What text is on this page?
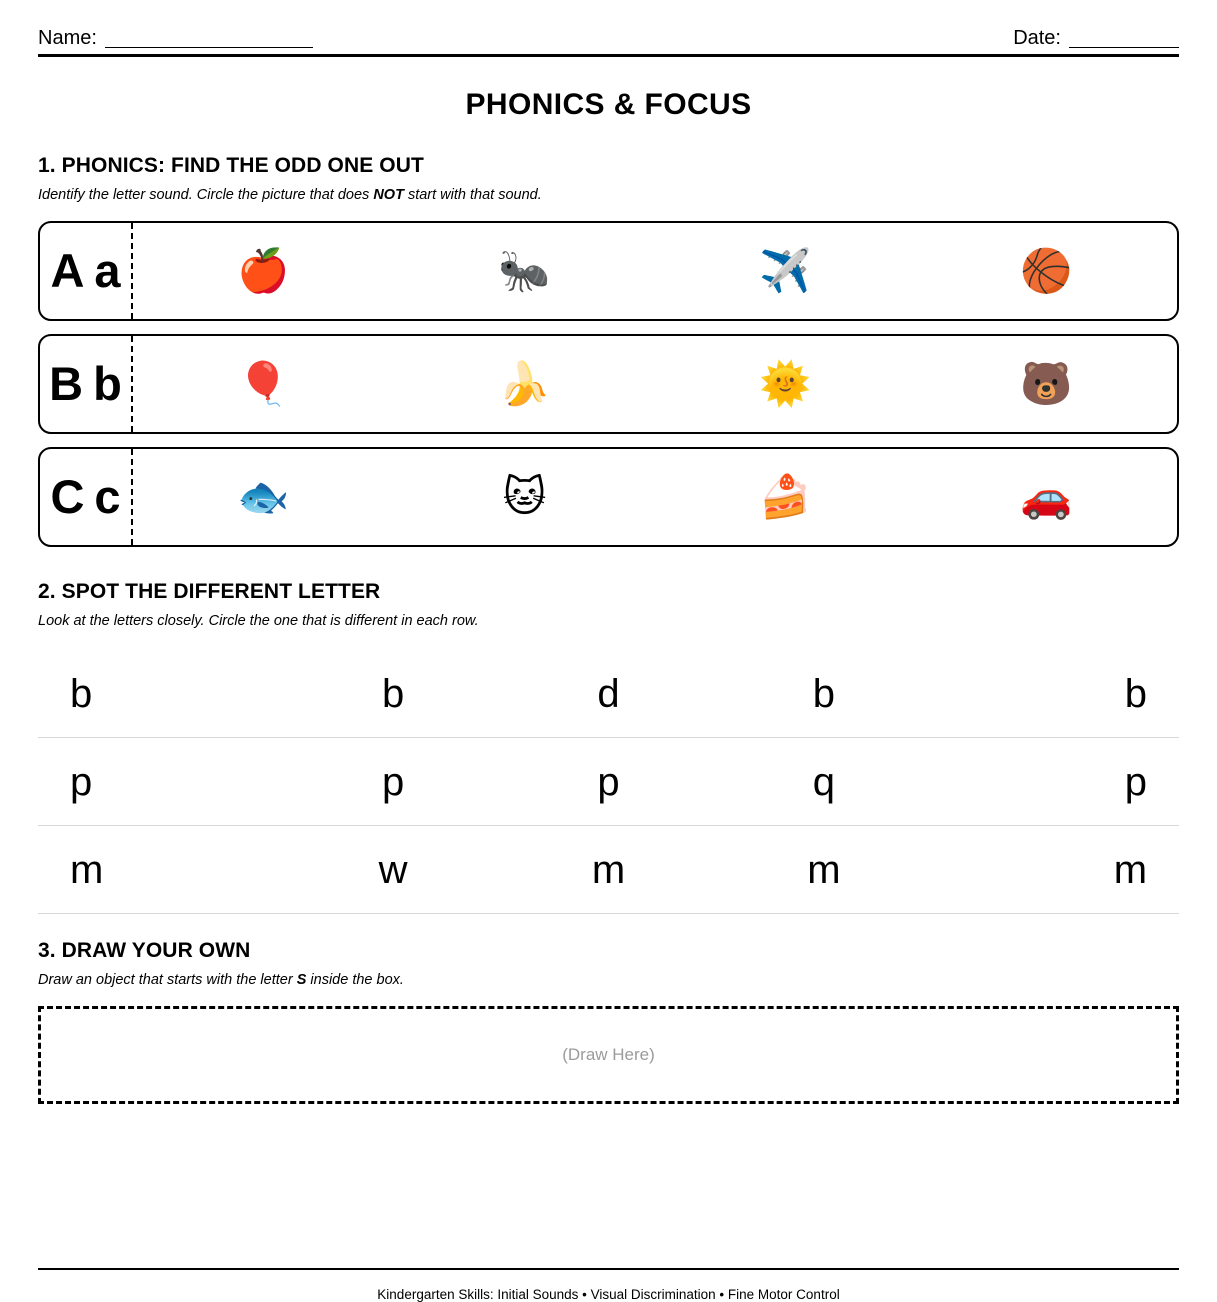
Name:	Date:
PHONICS & FOCUS
1. PHONICS: FIND THE ODD ONE OUT

Identify the letter sound. Circle the picture that does NOT start with that sound.

A a	🍎	🐜	✈️	🏀
B b	🎈	🍌	🌞	🐻
C c	🐟	🐱	🍰	🚗
2. SPOT THE DIFFERENT LETTER

Look at the letters closely. Circle the one that is different in each row.

b	b	d	b	b
p	p	p	q	p
m	w	m	m	m
3. DRAW YOUR OWN

Draw an object that starts with the letter S inside the box.

(Draw Here)

Kindergarten Skills: Initial Sounds • Visual Discrimination • Fine Motor Control
